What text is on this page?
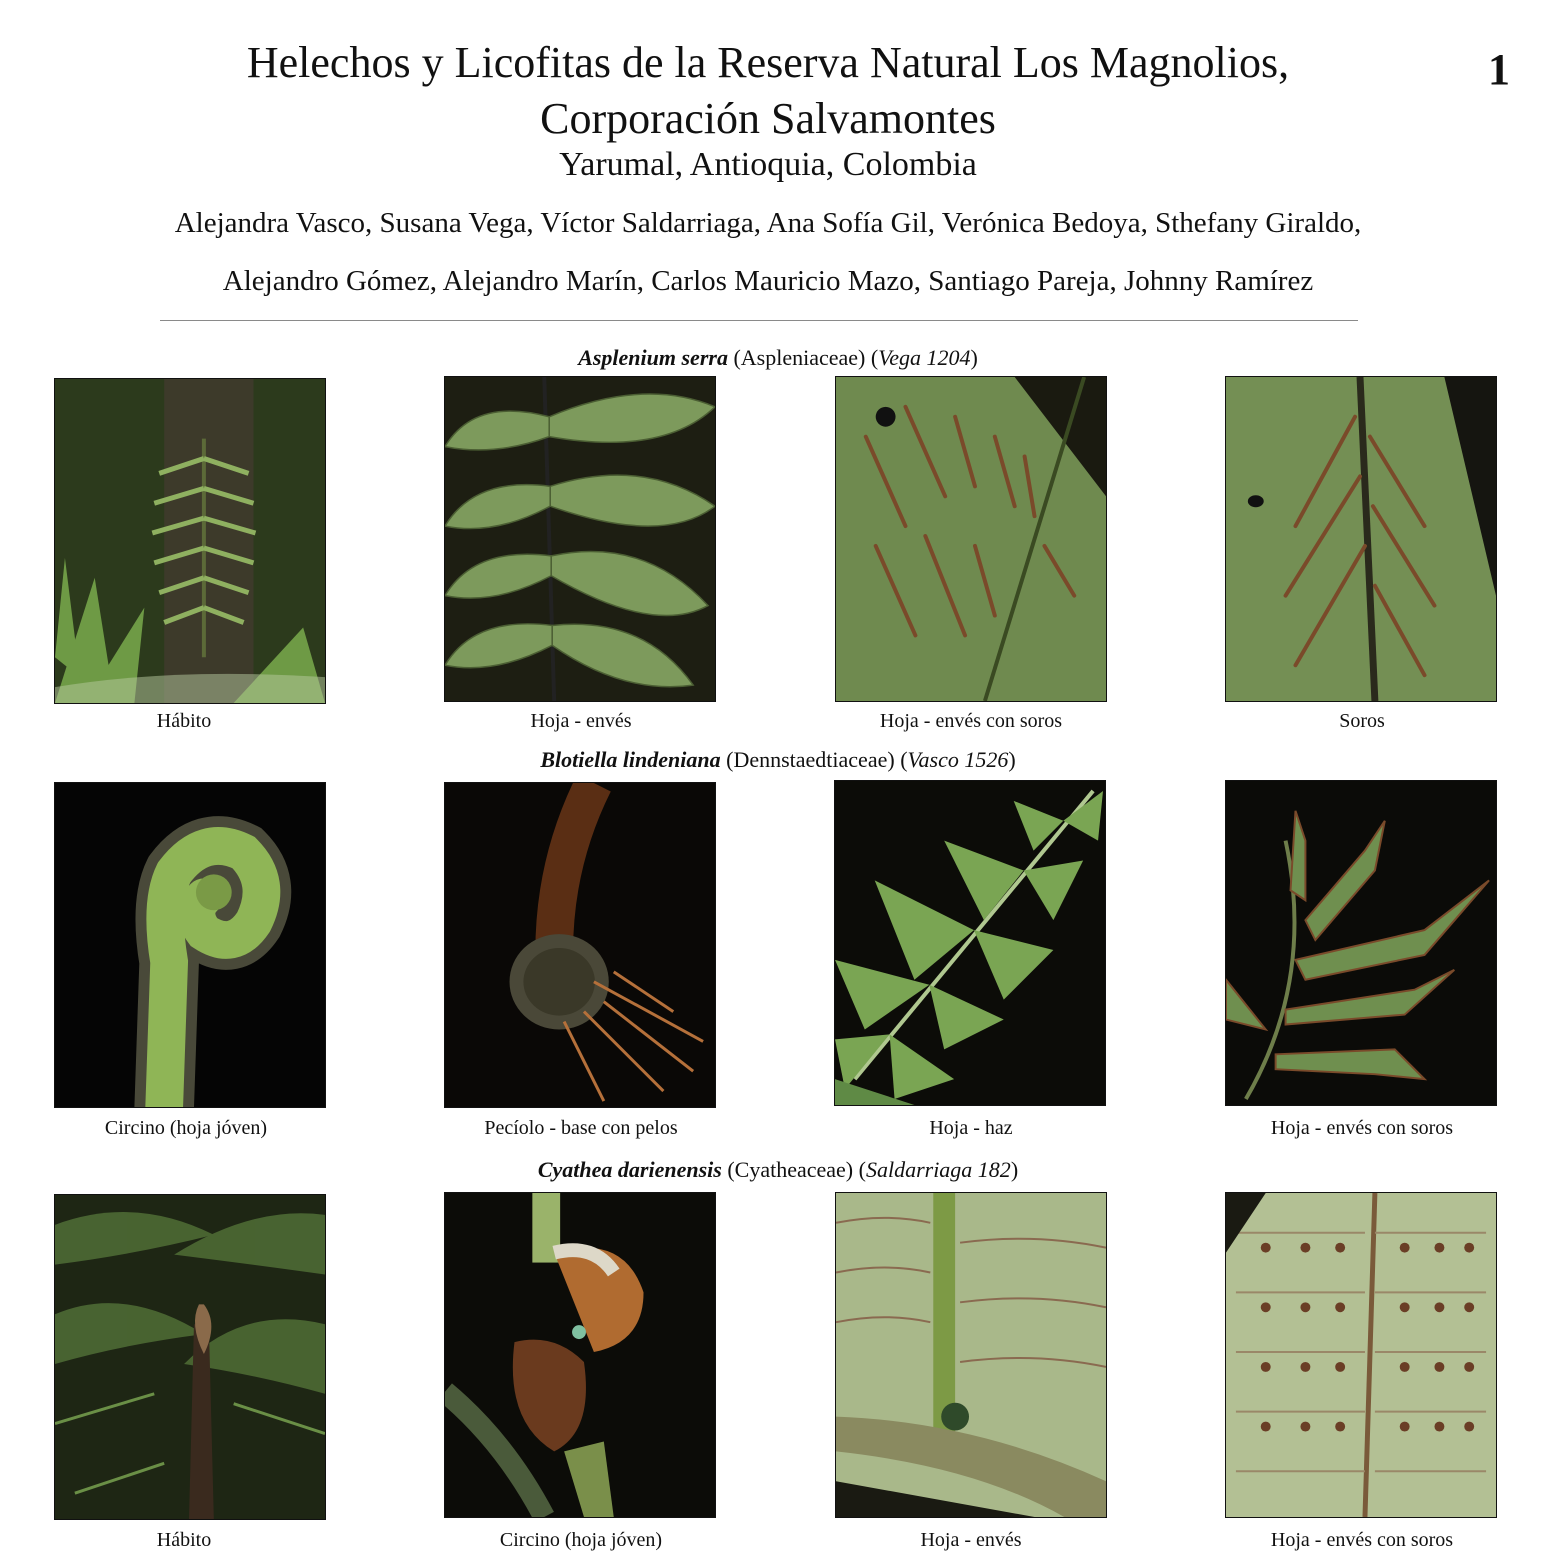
Helechos y Licofitas de la Reserva Natural Los Magnolios,
Corporación Salvamontes
Yarumal, Antioquia, Colombia
Alejandra Vasco, Susana Vega, Víctor Saldarriaga, Ana Sofía Gil, Verónica Bedoya, Sthefany Giraldo,
Alejandro Gómez, Alejandro Marín, Carlos Mauricio Mazo, Santiago Pareja, Johnny Ramírez
1
Asplenium serra (Aspleniaceae) (Vega 1204)
Hábito	Hoja - envés	Hoja - envés con soros	Soros
Blotiella lindeniana (Dennstaedtiaceae) (Vasco 1526)
Circino (hoja jóven)	Pecíolo - base con pelos	Hoja - haz	Hoja - envés con soros
Cyathea darienensis (Cyatheaceae) (Saldarriaga 182)
Hábito	Circino (hoja jóven)	Hoja - envés	Hoja - envés con soros
